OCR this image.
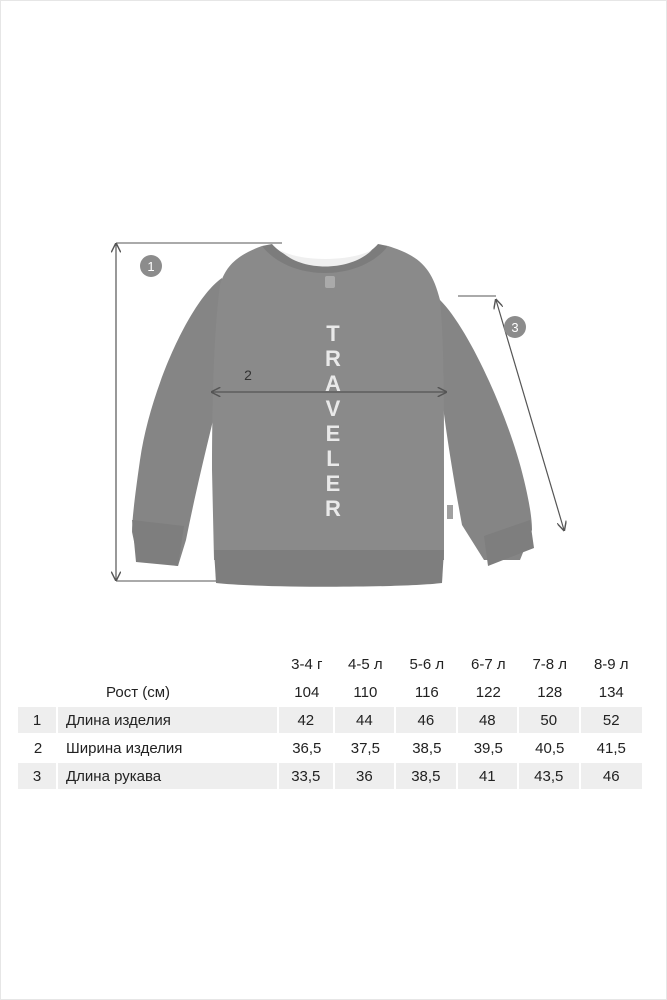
T
R
A
V
E
L
E
R
1
2
3
		3-4 г	4-5 л	5-6 л	6-7 л	7-8 л	8-9 л
	Рост (см)	104	110	116	122	128	134
1	Длина изделия	42	44	46	48	50	52
2	Ширина изделия	36,5	37,5	38,5	39,5	40,5	41,5
3	Длина рукава	33,5	36	38,5	41	43,5	46
